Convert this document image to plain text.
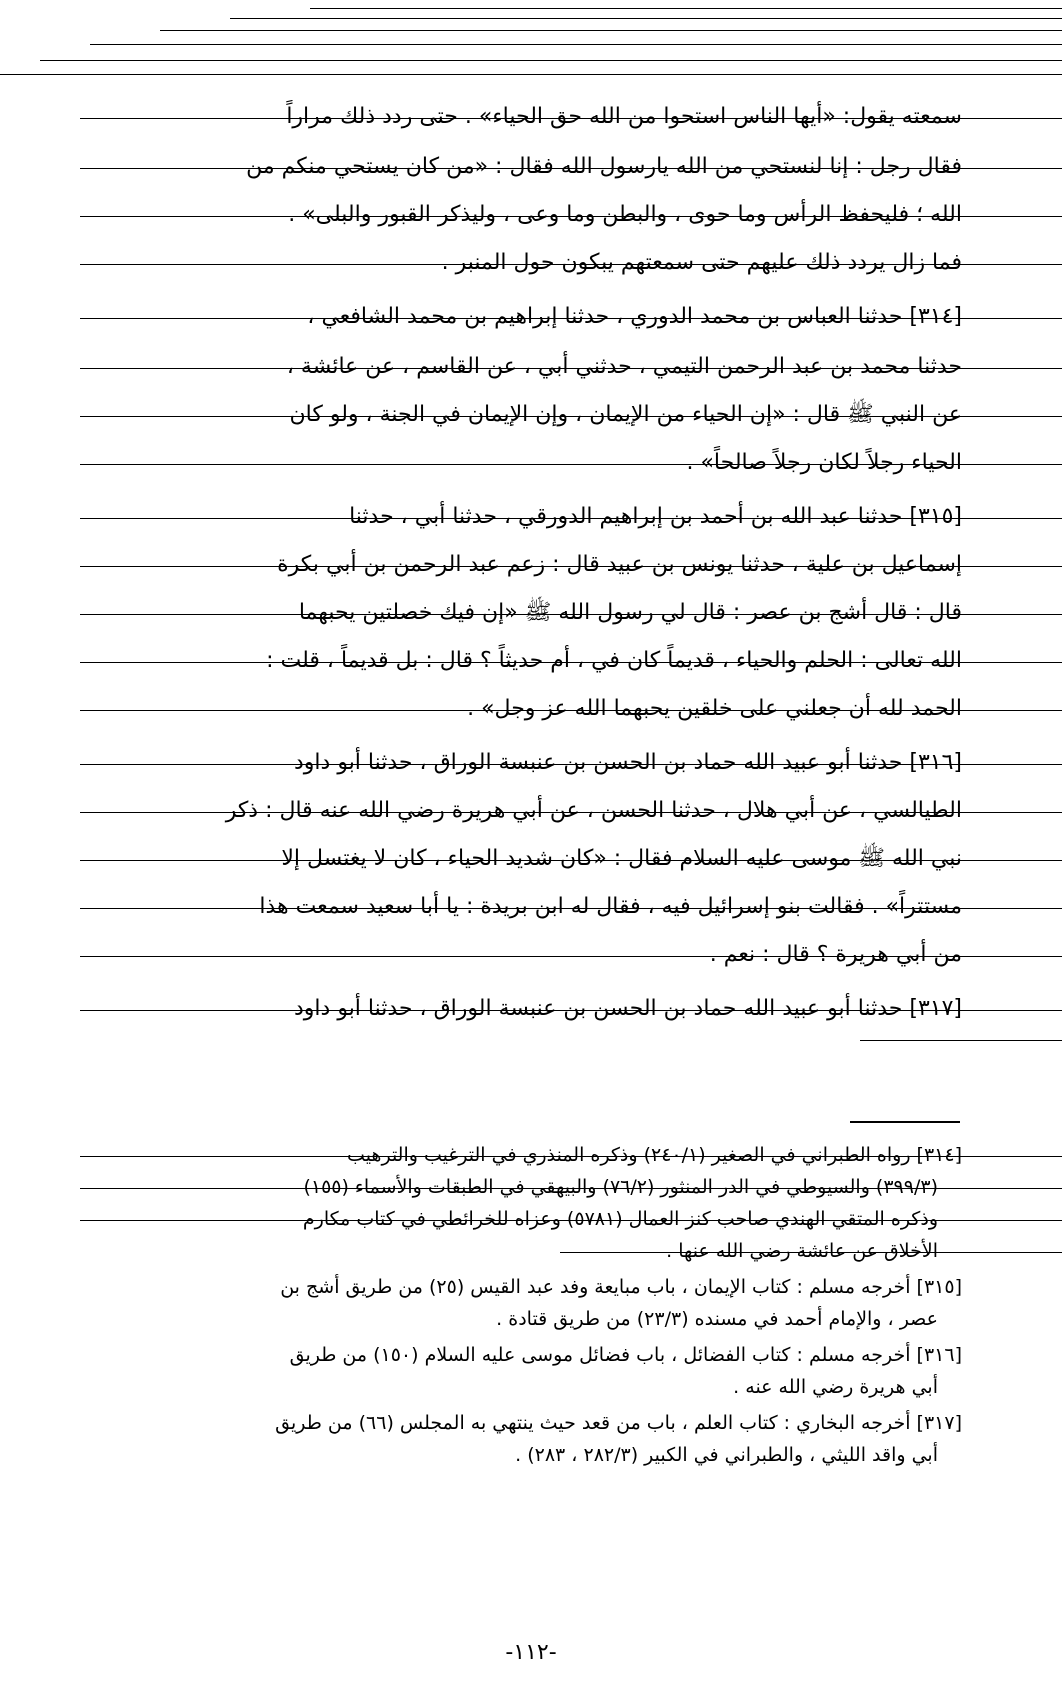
سمعته يقول: «أيها الناس استحوا من الله حق الحياء» . حتى ردد ذلك مراراً
فقال رجل : إنا لنستحي من الله يارسول الله فقال : «من كان يستحي منكم من
الله ؛ فليحفظ الرأس وما حوى ، والبطن وما وعى ، وليذكر القبور والبلى» .
فما زال يردد ذلك عليهم حتى سمعتهم يبكون حول المنبر .
[٣١٤] حدثنا العباس بن محمد الدوري ، حدثنا إبراهيم بن محمد الشافعي ،
حدثنا محمد بن عبد الرحمن التيمي ، حدثني أبي ، عن القاسم ، عن عائشة ،
عن النبي ﷺ قال : «إن الحياء من الإيمان ، وإن الإيمان في الجنة ، ولو كان
الحياء رجلاً لكان رجلاً صالحاً» .
[٣١٥] حدثنا عبد الله بن أحمد بن إبراهيم الدورقي ، حدثنا أبي ، حدثنا
إسماعيل بن علية ، حدثنا يونس بن عبيد قال : زعم عبد الرحمن بن أبي بكرة
قال : قال أشج بن عصر : قال لي رسول الله ﷺ «إن فيك خصلتين يحبهما
الله تعالى : الحلم والحياء ، قديماً كان في ، أم حديثاً ؟ قال : بل قديماً ، قلت :
الحمد لله أن جعلني على خلقين يحبهما الله عز وجل» .
[٣١٦] حدثنا أبو عبيد الله حماد بن الحسن بن عنبسة الوراق ، حدثنا أبو داود
الطيالسي ، عن أبي هلال ، حدثنا الحسن ، عن أبي هريرة رضي الله عنه قال : ذكر
نبي الله ﷺ موسى عليه السلام فقال : «كان شديد الحياء ، كان لا يغتسل إلا
مستتراً» . فقالت بنو إسرائيل فيه ، فقال له ابن بريدة : يا أبا سعيد سمعت هذا
من أبي هريرة ؟ قال : نعم .
[٣١٧] حدثنا أبو عبيد الله حماد بن الحسن بن عنبسة الوراق ، حدثنا أبو داود
[٣١٤] رواه الطبراني في الصغير (٢٤٠/١) وذكره المنذري في الترغيب والترهيب
(٣٩٩/٣) والسيوطي في الدر المنثور (٧٦/٢) والبيهقي في الطبقات والأسماء (١٥٥)
وذكره المتقي الهندي صاحب كنز العمال (٥٧٨١) وعزاه للخرائطي في كتاب مكارم
الأخلاق عن عائشة رضي الله عنها .
[٣١٥] أخرجه مسلم : كتاب الإيمان ، باب مبايعة وفد عبد القيس (٢٥) من طريق أشج بن
عصر ، والإمام أحمد في مسنده (٢٣/٣) من طريق قتادة .
[٣١٦] أخرجه مسلم : كتاب الفضائل ، باب فضائل موسى عليه السلام (١٥٠) من طريق
أبي هريرة رضي الله عنه .
[٣١٧] أخرجه البخاري : كتاب العلم ، باب من قعد حيث ينتهي به المجلس (٦٦) من طريق
أبي واقد الليثي ، والطبراني في الكبير (٢٨٢/٣ ، ٢٨٣) .
-١١٢-
